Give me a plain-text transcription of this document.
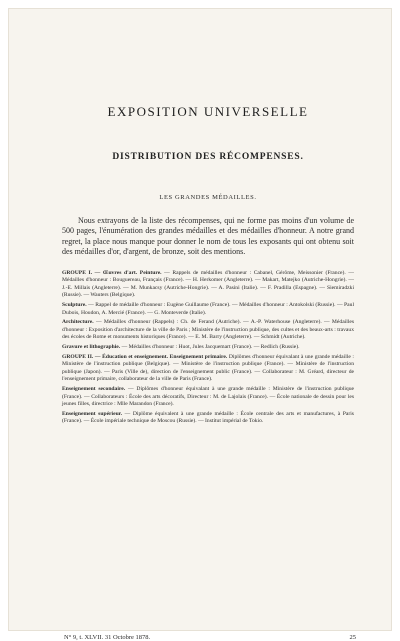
EXPOSITION UNIVERSELLE
DISTRIBUTION DES RÉCOMPENSES.
LES GRANDES MÉDAILLES.

Nous extrayons de la liste des récompenses, qui ne forme pas moins d'un volume de 500 pages, l'énumération des grandes médailles et des médailles d'honneur. A notre grand regret, la place nous manque pour donner le nom de tous les exposants qui ont obtenu soit des médailles d'or, d'argent, de bronze, soit des mentions.

GROUPE I. — Œuvres d'art. Peinture. — Rappels de médailles d'honneur : Cabanel, Gérôme, Meissonier (France). — Médailles d'honneur : Bouguereau, Français (France). — H. Herkomer (Angleterre). — Makart, Matejko (Autriche-Hongrie). — J.-E. Millais (Angleterre). — M. Munkacsy (Autriche-Hongrie). — A. Pasini (Italie). — F. Pradilla (Espagne). — Siemiradzki (Russie). — Wauters (Belgique).
Sculpture. — Rappel de médaille d'honneur : Eugène Guillaume (France). — Médailles d'honneur : Antokolski (Russie). — Paul Dubois, Houdon, A. Mercié (France). — G. Monteverde (Italie).
Architecture. — Médailles d'honneur (Rappels) : Ch. de Ferand (Autriche). — A.-P. Waterhouse (Angleterre). — Médailles d'honneur : Exposition d'architecture de la ville de Paris ; Ministère de l'instruction publique, des cultes et des beaux-arts : travaux des écoles de Rome et monuments historiques (France). — E. M. Barry (Angleterre). — Schmidt (Autriche).
Gravure et lithographie. — Médailles d'honneur : Huot, Jules Jacquemart (France). — Redlich (Russie).
GROUPE II. — Éducation et enseignement. Enseignement primaire. Diplômes d'honneur équivalant à une grande médaille : Ministère de l'instruction publique (Belgique). — Ministère de l'instruction publique (France). — Ministère de l'instruction publique (Japon). — Paris (Ville de), direction de l'enseignement public (France). — Collaborateur : M. Gréard, directeur de l'enseignement primaire, collaborateur de la ville de Paris (France).
Enseignement secondaire. — Diplômes d'honneur équivalant à une grande médaille : Ministère de l'instruction publique (France). — Collaborateurs : École des arts décoratifs, Directeur : M. de Lajolais (France). — École nationale de dessin pour les jeunes filles, directrice : Mlle Marandon (France).
Enseignement supérieur. — Diplôme équivalent à une grande médaille : École centrale des arts et manufactures, à Paris (France). — École impériale technique de Moscou (Russie). — Institut impérial de Tokio.
N° 9, t. XLVII. 31 Octobre 1878.	25
